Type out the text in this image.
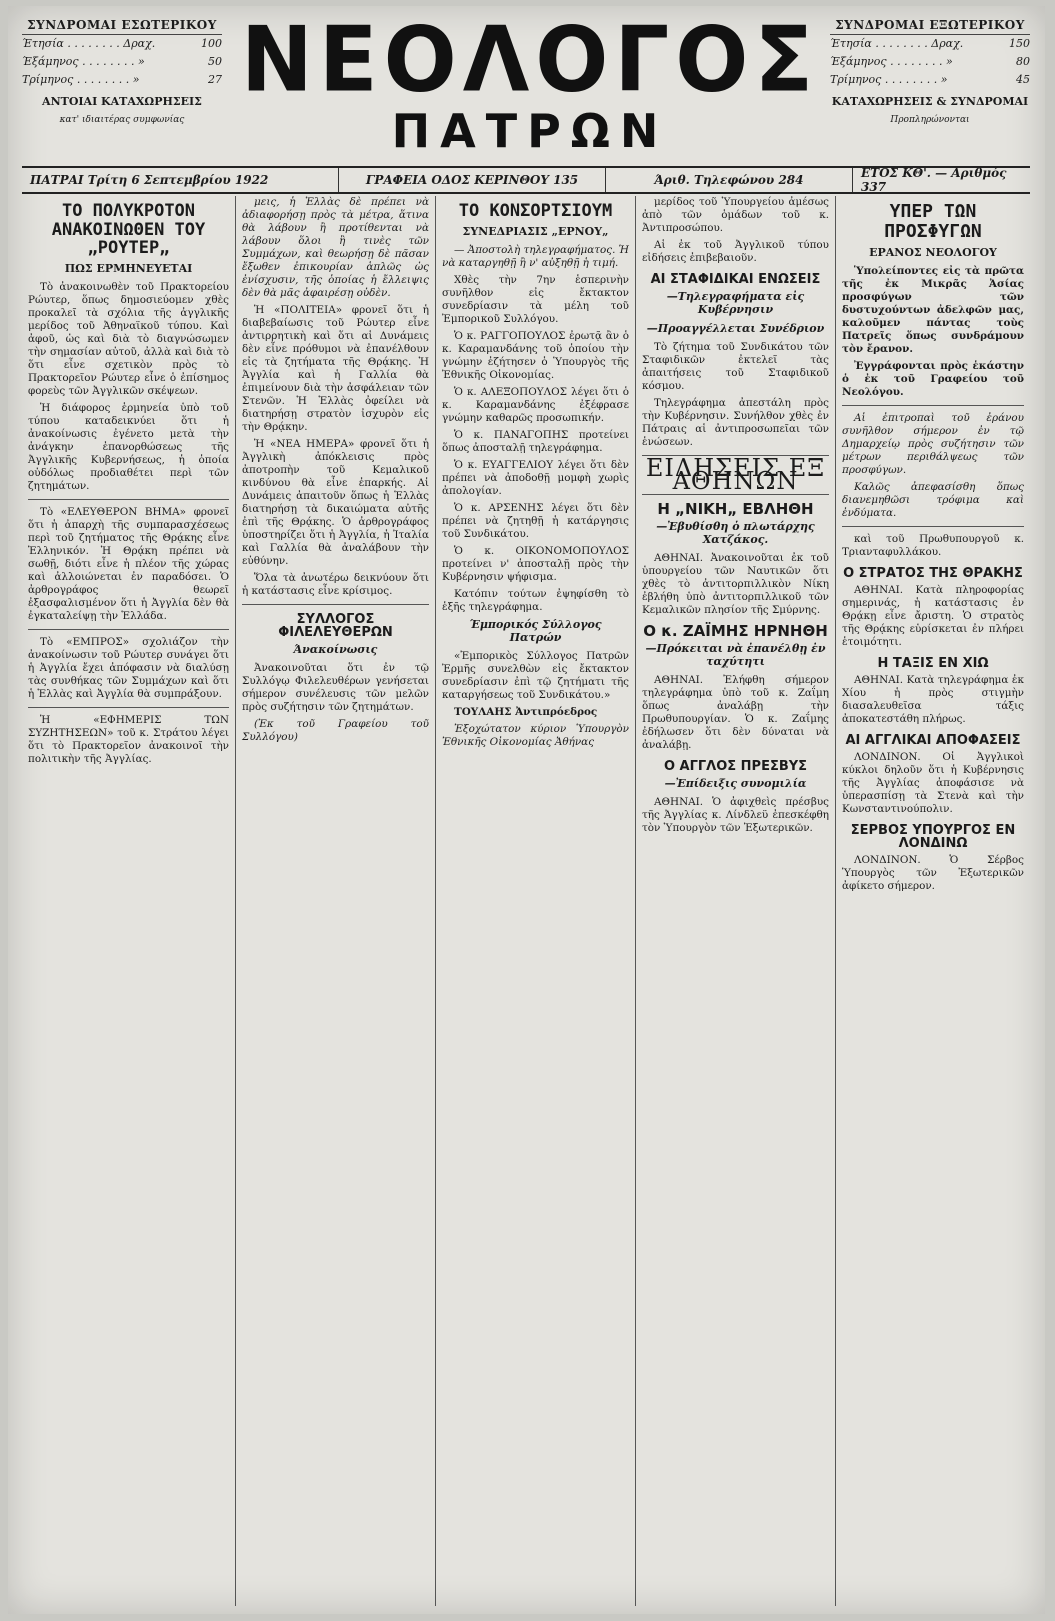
ΣΥΝΔΡΟΜΑΙ ΕΣΩΤΕΡΙΚΟΥ
Έτησία . . . . . . . . Δραχ.	100
Έξάμηνος . . . . . . . . »	50
Τρίμηνος . . . . . . . . »	27
ΑΝΤΟΙΑΙ ΚΑΤΑΧΩΡΗΣΕΙΣ
κατ' ιδιαιτέρας συμφωνίας
ΝΕΟΛΟΓΟΣ
ΠΑΤΡΩΝ
ΣΥΝΔΡΟΜΑΙ ΕΞΩΤΕΡΙΚΟΥ
Έτησία . . . . . . . . Δραχ.	150
Έξάμηνος . . . . . . . . »	80
Τρίμηνος . . . . . . . . »	45
ΚΑΤΑΧΩΡΗΣΕΙΣ & ΣΥΝΔΡΟΜΑΙ
Προπληρώνονται
ΠΑΤΡΑΙ Τρίτη 6 Σεπτεμβρίου 1922	ΓΡΑΦΕΙΑ ΟΔΟΣ ΚΕΡΙΝΘΟΥ 135	Άριθ. Τηλεφώνου 284	ΕΤΟΣ ΚΘ'. — Αριθμός 337
ΤΟ ΠΟΛΥΚΡΟΤΟΝ ΑΝΑΚΟΙΝΩΘΕΝ ΤΟΥ „ΡΟΥΤΕΡ„
ΠΩΣ ΕΡΜΗΝΕΥΕΤΑΙ

Τὸ ἀνακοινωθὲν τοῦ Πρακτορείου Ρώυτερ, ὅπως δημοσιεύομεν χθὲς προκαλεῖ τὰ σχόλια τῆς ἀγγλικῆς μερίδος τοῦ Ἀθηναϊκοῦ τύπου. Καὶ ἀφοῦ, ὡς καὶ διὰ τὸ διαγνώσωμεν τὴν σημασίαν αὐτοῦ, ἀλλὰ καὶ διὰ τὸ ὅτι εἶνε σχετικὸν πρὸς τὸ Πρακτορεῖον Ρώυτερ εἶνε ὁ ἐπίσημος φορεὺς τῶν Ἀγγλικῶν σκέψεων.

Ἡ διάφορος ἑρμηνεία ὑπὸ τοῦ τύπου καταδεικνύει ὅτι ἡ ἀνακοίνωσις ἐγένετο μετὰ τὴν ἀνάγκην ἐπανορθώσεως τῆς Ἀγγλικῆς Κυβερνήσεως, ἡ ὁποία οὐδόλως προδιαθέτει περὶ τῶν ζητημάτων.

Τὸ «ΕΛΕΥΘΕΡΟΝ ΒΗΜΑ» φρονεῖ ὅτι ἡ ἀπαρχὴ τῆς συμπαρασχέσεως περὶ τοῦ ζητήματος τῆς Θρᾴκης εἶνε Ἑλληνικόν. Ἡ Θρᾴκη πρέπει νὰ σωθῇ, διότι εἶνε ἡ πλέον τῆς χώρας καὶ ἀλλοιώνεται ἐν παραδόσει. Ὁ ἀρθρογράφος θεωρεῖ ἐξασφαλισμένον ὅτι ἡ Ἀγγλία δὲν θὰ ἐγκαταλείψῃ τὴν Ἑλλάδα.

Τὸ «ΕΜΠΡΟΣ» σχολιάζον τὴν ἀνακοίνωσιν τοῦ Ρώυτερ συνάγει ὅτι ἡ Ἀγγλία ἔχει ἀπόφασιν νὰ διαλύσῃ τὰς συνθήκας τῶν Συμμάχων καὶ ὅτι ἡ Ἑλλὰς καὶ Ἀγγλία θὰ συμπράξουν.

Ἡ «ΕΦΗΜΕΡΙΣ ΤΩΝ ΣΥΖΗΤΗΣΕΩΝ» τοῦ κ. Στράτου λέγει ὅτι τὸ Πρακτορεῖον ἀνακοινοῖ τὴν πολιτικὴν τῆς Ἀγγλίας.

μεις, ἡ Ἑλλὰς δὲ πρέπει νὰ ἀδιαφορήσῃ πρὸς τὰ μέτρα, ἅτινα θὰ λάβουν ἢ προτίθενται νὰ λάβουν ὅλοι ἢ τινὲς τῶν Συμμάχων, καὶ θεωρήσῃ δὲ πᾶσαν ἔξωθεν ἐπικουρίαν ἁπλῶς ὡς ἐνίσχυσιν, τῆς ὁποίας ἡ ἔλλειψις δὲν θὰ μᾶς ἀφαιρέσῃ οὐδὲν.

Ἡ «ΠΟΛΙΤΕΙΑ» φρονεῖ ὅτι ἡ διαβεβαίωσις τοῦ Ρώυτερ εἶνε ἀντιρρητικὴ καὶ ὅτι αἱ Δυνάμεις δὲν εἶνε πρόθυμοι νὰ ἐπανέλθουν εἰς τὰ ζητήματα τῆς Θρᾴκης. Ἡ Ἀγγλία καὶ ἡ Γαλλία θὰ ἐπιμείνουν διὰ τὴν ἀσφάλειαν τῶν Στενῶν. Ἡ Ἑλλὰς ὀφείλει νὰ διατηρήσῃ στρατὸν ἰσχυρὸν εἰς τὴν Θρᾴκην.

Ἡ «ΝΕΑ ΗΜΕΡΑ» φρονεῖ ὅτι ἡ Ἀγγλικὴ ἀπόκλεισις πρὸς ἀποτροπὴν τοῦ Κεμαλικοῦ κινδύνου θὰ εἶνε ἐπαρκής. Αἱ Δυνάμεις ἀπαιτοῦν ὅπως ἡ Ἑλλὰς διατηρήσῃ τὰ δικαιώματα αὐτῆς ἐπὶ τῆς Θρᾴκης. Ὁ ἀρθρογράφος ὑποστηρίζει ὅτι ἡ Ἀγγλία, ἡ Ἰταλία καὶ Γαλλία θὰ ἀναλάβουν τὴν εὐθύνην.

Ὅλα τὰ ἀνωτέρω δεικνύουν ὅτι ἡ κατάστασις εἶνε κρίσιμος.

ΣΥΛΛΟΓΟΣ ΦΙΛΕΛΕΥΘΕΡΩΝ
Άνακοίνωσις

Ἀνακοινοῦται ὅτι ἐν τῷ Συλλόγῳ Φιλελευθέρων γενήσεται σήμερον συνέλευσις τῶν μελῶν πρὸς συζήτησιν τῶν ζητημάτων.

(Ἐκ τοῦ Γραφείου τοῦ Συλλόγου)

ΤΟ ΚΟΝΣΟΡΤΣΙΟΥΜ
ΣΥΝΕΔΡΙΑΣΙΣ „ΕΡΝΟΥ„

— Ἀποστολὴ τηλεγραφήματος. Ἡ νὰ καταργηθῇ ἢ ν' αὐξηθῇ ἡ τιμή.

Χθὲς τὴν 7ην ἑσπερινὴν συνῆλθον εἰς ἔκτακτον συνεδρίασιν τὰ μέλη τοῦ Ἐμπορικοῦ Συλλόγου.

Ὁ κ. ΡΑΓΓΟΠΟΥΛΟΣ ἐρωτᾷ ἂν ὁ κ. Καραμανδάνης τοῦ ὁποίου τὴν γνώμην ἐζήτησεν ὁ Ὑπουργὸς τῆς Ἐθνικῆς Οἰκονομίας.

Ὁ κ. ΑΛΕΞΟΠΟΥΛΟΣ λέγει ὅτι ὁ κ. Καραμανδάνης ἐξέφρασε γνώμην καθαρῶς προσωπικήν.

Ὁ κ. ΠΑΝΑΓΟΠΗΣ προτείνει ὅπως ἀποσταλῇ τηλεγράφημα.

Ὁ κ. ΕΥΑΓΓΕΛΙΟΥ λέγει ὅτι δὲν πρέπει νὰ ἀποδοθῇ μομφὴ χωρὶς ἀπολογίαν.

Ὁ κ. ΑΡΣΕΝΗΣ λέγει ὅτι δὲν πρέπει νὰ ζητηθῇ ἡ κατάργησις τοῦ Συνδικάτου.

Ὁ κ. ΟΙΚΟΝΟΜΟΠΟΥΛΟΣ προτείνει ν' ἀποσταλῇ πρὸς τὴν Κυβέρνησιν ψήφισμα.

Κατόπιν τούτων ἐψηφίσθη τὸ ἑξῆς τηλεγράφημα.

Έμπορικός Σύλλογος Πατρών

«Ἐμπορικὸς Σύλλογος Πατρῶν Ἐρμῆς συνελθὼν εἰς ἔκτακτον συνεδρίασιν ἐπὶ τῷ ζητήματι τῆς καταργήσεως τοῦ Συνδικάτου.»

ΤΟΥΛΑΗΣ Ἀντιπρόεδρος

Ἐξοχώτατον κύριον Ὑπουργὸν Ἐθνικῆς Οἰκονομίας Ἀθήνας

μερίδος τοῦ Ὑπουργείου ἀμέσως ἀπὸ τῶν ὁμάδων τοῦ κ. Ἀντιπροσώπου.

Αἱ ἐκ τοῦ Ἀγγλικοῦ τύπου εἰδήσεις ἐπιβεβαιοῦν.

ΑΙ ΣΤΑΦΙΔΙΚΑΙ ΕΝΩΣΕΙΣ
—Τηλεγραφήματα εἰς Κυβέρνησιν
—Προαγγέλλεται Συνέδριον

Τὸ ζήτημα τοῦ Συνδικάτου τῶν Σταφιδικῶν ἐκτελεῖ τὰς ἀπαιτήσεις τοῦ Σταφιδικοῦ κόσμου.

Τηλεγράφημα ἀπεστάλη πρὸς τὴν Κυβέρνησιν. Συνήλθον χθὲς ἐν Πάτραις αἱ ἀντιπροσωπεῖαι τῶν ἑνώσεων.

ΕΙΔΗΣΕΙΣ ΕΞ ΑΘΗΝΩΝ
Η „ΝΙΚΗ„ ΕΒΛΗΘΗ
—Ἐβυθίσθη ὁ πλωτάρχης Χατζάκος.

ΑΘΗΝΑΙ. Ἀνακοινοῦται ἐκ τοῦ ὑπουργείου τῶν Ναυτικῶν ὅτι χθὲς τὸ ἀντιτορπιλλικὸν Νίκη ἐβλήθη ὑπὸ ἀντιτορπιλλικοῦ τῶν Κεμαλικῶν πλησίον τῆς Σμύρνης.

Ο κ. ΖΑΪΜΗΣ ΗΡΝΗΘΗ
—Πρόκειται νὰ ἐπανέλθῃ ἐν ταχύτητι

ΑΘΗΝΑΙ. Ἐλήφθη σήμερον τηλεγράφημα ὑπὸ τοῦ κ. Ζαΐμη ὅπως ἀναλάβῃ τὴν Πρωθυπουργίαν. Ὁ κ. Ζαΐμης ἐδήλωσεν ὅτι δὲν δύναται νὰ ἀναλάβῃ.

Ο ΑΓΓΛΟΣ ΠΡΕΣΒΥΣ
—Ἐπίδειξις συνομιλία

ΑΘΗΝΑΙ. Ὁ ἀφιχθεὶς πρέσβυς τῆς Ἀγγλίας κ. Λίνδλεϋ ἐπεσκέφθη τὸν Ὑπουργὸν τῶν Ἐξωτερικῶν.

ΥΠΕΡ ΤΩΝ ΠΡΟΣΦΥΓΩΝ
ΕΡΑΝΟΣ ΝΕΟΛΟΓΟΥ

Ὑπολείποντες εἰς τὰ πρῶτα τῆς ἐκ Μικρᾶς Ἀσίας προσφύγων τῶν δυστυχούντων ἀδελφῶν μας, καλοῦμεν πάντας τοὺς Πατρεῖς ὅπως συνδράμουν τὸν ἔρανον.

Ἐγγράφονται πρὸς ἑκάστην ὁ ἐκ τοῦ Γραφείου τοῦ Νεολόγου.

Αἱ ἐπιτροπαὶ τοῦ ἐράνου συνῆλθον σήμερον ἐν τῷ Δημαρχείῳ πρὸς συζήτησιν τῶν μέτρων περιθάλψεως τῶν προσφύγων.

Καλῶς ἀπεφασίσθη ὅπως διανεμηθῶσι τρόφιμα καὶ ἐνδύματα.

καὶ τοῦ Πρωθυπουργοῦ κ. Τριανταφυλλάκου.

Ο ΣΤΡΑΤΟΣ ΤΗΣ ΘΡΑΚΗΣ

ΑΘΗΝΑΙ. Κατὰ πληροφορίας σημερινάς, ἡ κατάστασις ἐν Θρᾴκῃ εἶνε ἄριστη. Ὁ στρατὸς τῆς Θρᾴκης εὑρίσκεται ἐν πλήρει ἑτοιμότητι.

Η ΤΑΞΙΣ ΕΝ ΧΙΩ

ΑΘΗΝΑΙ. Κατὰ τηλεγράφημα ἐκ Χίου ἡ πρὸς στιγμὴν διασαλευθεῖσα τάξις ἀποκατεστάθη πλήρως.

ΑΙ ΑΓΓΛΙΚΑΙ ΑΠΟΦΑΣΕΙΣ

ΛΟΝΔΙΝΟΝ. Οἱ Ἀγγλικοὶ κύκλοι δηλοῦν ὅτι ἡ Κυβέρνησις τῆς Ἀγγλίας ἀποφάσισε νὰ ὑπερασπίσῃ τὰ Στενὰ καὶ τὴν Κωνσταντινούπολιν.

ΣΕΡΒΟΣ ΥΠΟΥΡΓΟΣ ΕΝ ΛΟΝΔΙΝΩ

ΛΟΝΔΙΝΟΝ. Ὁ Σέρβος Ὑπουργὸς τῶν Ἐξωτερικῶν ἀφίκετο σήμερον.
